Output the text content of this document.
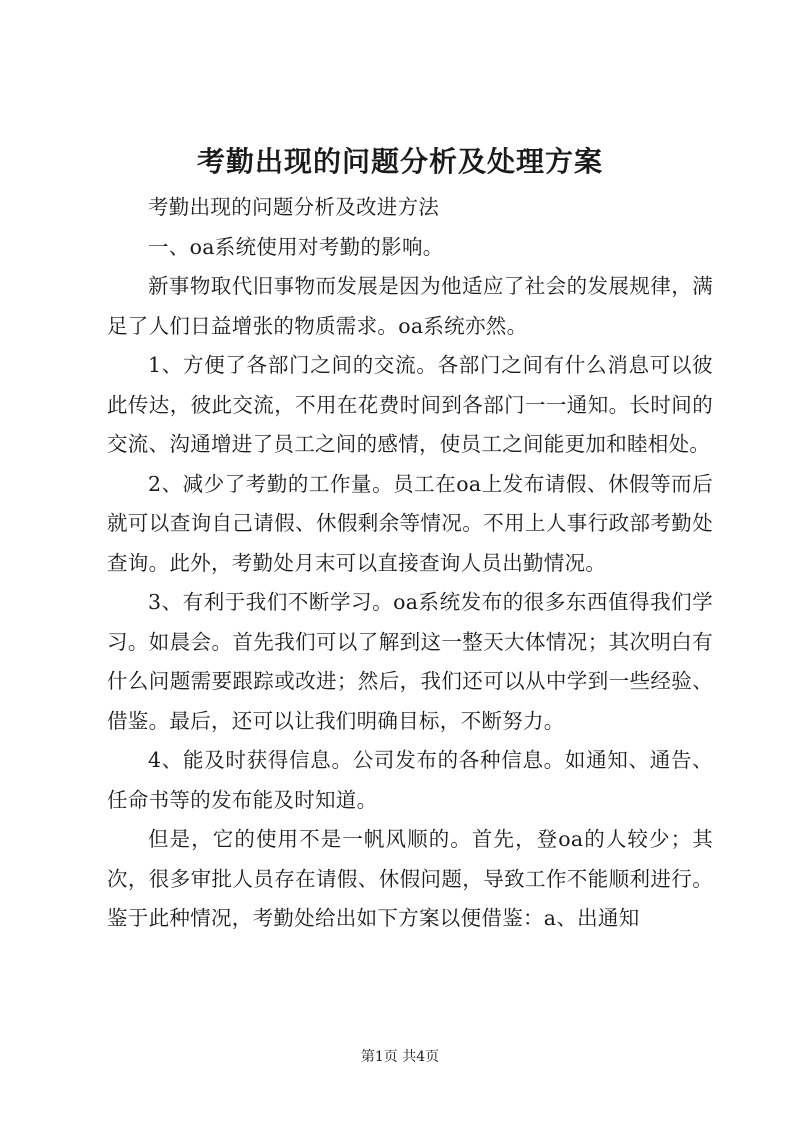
考勤出现的问题分析及处理方案

考勤出现的问题分析及改进方法

一、oa系统使用对考勤的影响。

新事物取代旧事物而发展是因为他适应了社会的发展规律，满足了人们日益增张的物质需求。oa系统亦然。

1、方便了各部门之间的交流。各部门之间有什么消息可以彼此传达，彼此交流，不用在花费时间到各部门一一通知。长时间的交流、沟通增进了员工之间的感情，使员工之间能更加和睦相处。

2、减少了考勤的工作量。员工在oa上发布请假、休假等而后就可以查询自己请假、休假剩余等情况。不用上人事行政部考勤处查询。此外，考勤处月末可以直接查询人员出勤情况。

3、有利于我们不断学习。oa系统发布的很多东西值得我们学习。如晨会。首先我们可以了解到这一整天大体情况；其次明白有什么问题需要跟踪或改进；然后，我们还可以从中学到一些经验、借鉴。最后，还可以让我们明确目标，不断努力。

4、能及时获得信息。公司发布的各种信息。如通知、通告、任命书等的发布能及时知道。

但是，它的使用不是一帆风顺的。首先，登oa的人较少；其次，很多审批人员存在请假、休假问题，导致工作不能顺利进行。鉴于此种情况，考勤处给出如下方案以便借鉴：a、出通知

第1页 共4页
